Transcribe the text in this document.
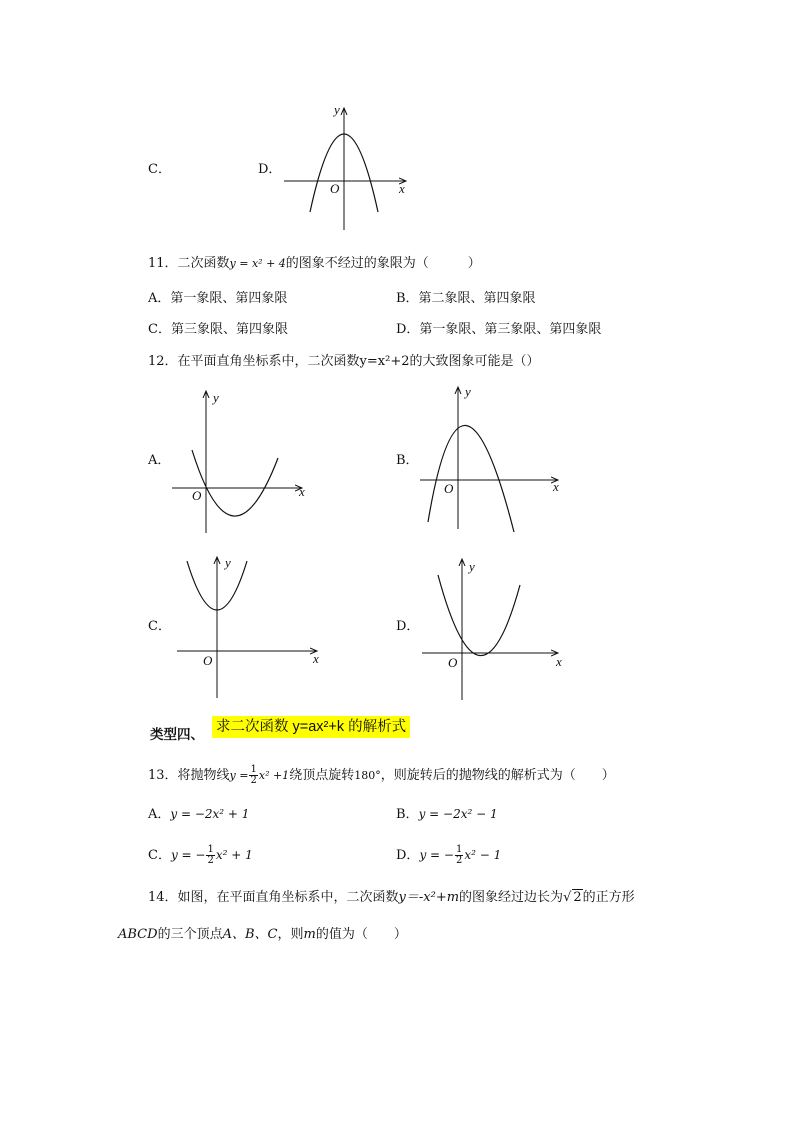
C．	D．
y
x
O
11．二次函数y = x² + 4的图象不经过的象限为（　　　）
A．第一象限、第四象限	B．第二象限、第四象限
C．第三象限、第四象限	D．第一象限、第三象限、第四象限
12．在平面直角坐标系中，二次函数y=x²+2的大致图象可能是（）
A．
y
x
O
B．
y
x
O
C．
y
x
O
D．
y
x
O
类型四、 求二次函数 y=ax²+k 的解析式
13．将抛物线$y = \frac{1}{2} x^2 +1$绕顶点旋转180°，则旋转后的抛物线的解析式为（　　）
A．y = −2x² + 1	B．y = −2x² − 1
C．y = − $\frac{1}{2} x^2 + 1$	D．y = − $\frac{1}{2} x^2 - 1$
14．如图，在平面直角坐标系中，二次函数y＝-x²+m的图象经过边长为√ 2的正方形
ABCD的三个顶点A、B、C，则m的值为（　　）
